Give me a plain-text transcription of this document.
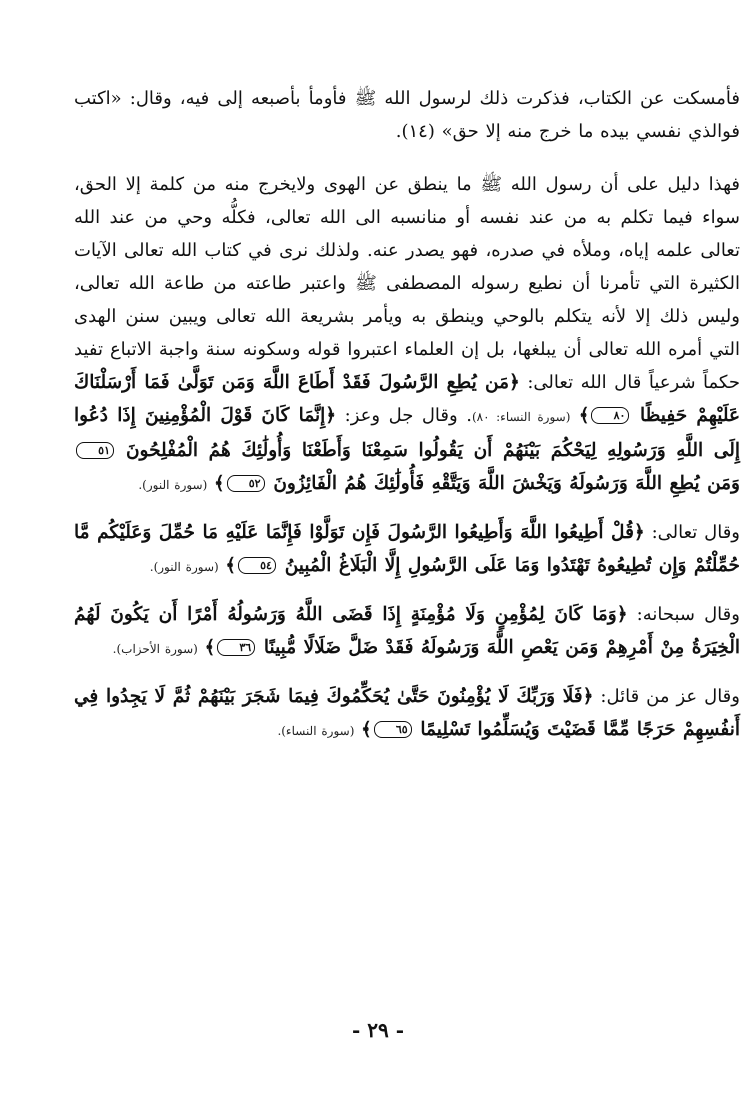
فأمسكت عن الكتاب، فذكرت ذلك لرسول الله ﷺ فأومأ بأصبعه إلى فيه، وقال: «اكتب فوالذي نفسي بيده ما خرج منه إلا حق» (١٤).

فهذا دليل على أن رسول الله ﷺ ما ينطق عن الهوى ولايخرج منه من كلمة إلا الحق، سواء فيما تكلم به من عند نفسه أو منانسبه الى الله تعالى، فكلُّه وحي من عند الله تعالى علمه إياه، وملأه في صدره، فهو يصدر عنه. ولذلك نرى في كتاب الله تعالى الآيات الكثيرة التي تأمرنا أن نطيع رسوله المصطفى ﷺ واعتبر طاعته من طاعة الله تعالى، وليس ذلك إلا لأنه يتكلم بالوحي وينطق به ويأمر بشريعة الله تعالى ويبين سنن الهدى التي أمره الله تعالى أن يبلغها، بل إن العلماء اعتبروا قوله وسكونه سنة واجبة الاتباع تفيد حكماً شرعياً قال الله تعالى: ﴿مَن يُطِعِ الرَّسُولَ فَقَدْ أَطَاعَ اللَّهَ وَمَن تَوَلَّىٰ فَمَا أَرْسَلْنَاكَ عَلَيْهِمْ حَفِيظًا ٨٠﴾ (سورة النساء: ٨٠). وقال جل وعز: ﴿إِنَّمَا كَانَ قَوْلَ الْمُؤْمِنِينَ إِذَا دُعُوا إِلَى اللَّهِ وَرَسُولِهِ لِيَحْكُمَ بَيْنَهُمْ أَن يَقُولُوا سَمِعْنَا وَأَطَعْنَا وَأُولَٰئِكَ هُمُ الْمُفْلِحُونَ ٥١ وَمَن يُطِعِ اللَّهَ وَرَسُولَهُ وَيَخْشَ اللَّهَ وَيَتَّقْهِ فَأُولَٰئِكَ هُمُ الْفَائِزُونَ ٥٢﴾ (سورة النور).

وقال تعالى: ﴿قُلْ أَطِيعُوا اللَّهَ وَأَطِيعُوا الرَّسُولَ فَإِن تَوَلَّوْا فَإِنَّمَا عَلَيْهِ مَا حُمِّلَ وَعَلَيْكُم مَّا حُمِّلْتُمْ وَإِن تُطِيعُوهُ تَهْتَدُوا وَمَا عَلَى الرَّسُولِ إِلَّا الْبَلَاغُ الْمُبِينُ ٥٤﴾ (سورة النور).

وقال سبحانه: ﴿وَمَا كَانَ لِمُؤْمِنٍ وَلَا مُؤْمِنَةٍ إِذَا قَضَى اللَّهُ وَرَسُولُهُ أَمْرًا أَن يَكُونَ لَهُمُ الْخِيَرَةُ مِنْ أَمْرِهِمْ وَمَن يَعْصِ اللَّهَ وَرَسُولَهُ فَقَدْ ضَلَّ ضَلَالًا مُّبِينًا ٣٦﴾ (سورة الأحزاب).

وقال عز من قائل: ﴿فَلَا وَرَبِّكَ لَا يُؤْمِنُونَ حَتَّىٰ يُحَكِّمُوكَ فِيمَا شَجَرَ بَيْنَهُمْ ثُمَّ لَا يَجِدُوا فِي أَنفُسِهِمْ حَرَجًا مِّمَّا قَضَيْتَ وَيُسَلِّمُوا تَسْلِيمًا ٦٥﴾ (سورة النساء).

- ٢٩ -
